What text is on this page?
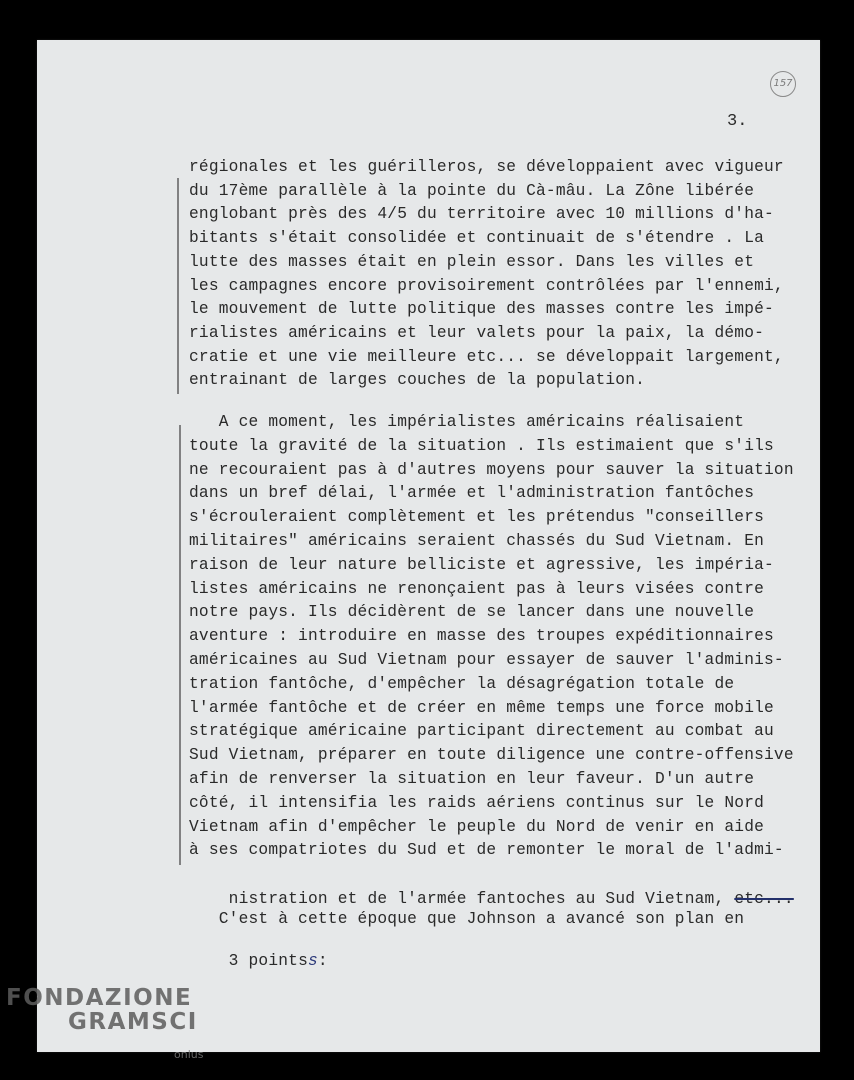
157
3.
régionales et les guérilleros, se développaient avec vigueur
du 17ème parallèle à la pointe du Cà-mâu. La Zône libérée
englobant près des 4/5 du territoire avec 10 millions d'ha-
bitants s'était consolidée et continuait de s'étendre . La
lutte des masses était en plein essor. Dans les villes et
les campagnes encore provisoirement contrôlées par l'ennemi,
le mouvement de lutte politique des masses contre les impé-
rialistes américains et leur valets pour la paix, la démo-
cratie et une vie meilleure etc... se développait largement,
entrainant de larges couches de la population.
A ce moment, les impérialistes américains réalisaient
toute la gravité de la situation . Ils estimaient que s'ils
ne recouraient pas à d'autres moyens pour sauver la situation
dans un bref délai, l'armée et l'administration fantôches
s'écrouleraient complètement et les prétendus "conseillers
militaires" américains seraient chassés du Sud Vietnam. En
raison de leur nature belliciste et agressive, les impéria-
listes américains ne renonçaient pas à leurs visées contre
notre pays. Ils décidèrent de se lancer dans une nouvelle
aventure : introduire en masse des troupes expéditionnaires
américaines au Sud Vietnam pour essayer de sauver l'adminis-
tration fantôche, d'empêcher la désagrégation totale de
l'armée fantôche et de créer en même temps une force mobile
stratégique américaine participant directement au combat au
Sud Vietnam, préparer en toute diligence une contre-offensive
afin de renverser la situation en leur faveur. D'un autre
côté, il intensifia les raids aériens continus sur le Nord
Vietnam afin d'empêcher le peuple du Nord de venir en aide
à ses compatriotes du Sud et de remonter le moral de l'admi-

nistration et de l'armée fantoches au Sud Vietnam, etc...

C'est à cette époque que Johnson a avancé son plan en

3 pointss:

FONDAZIONE
GRAMSCI
onlus
